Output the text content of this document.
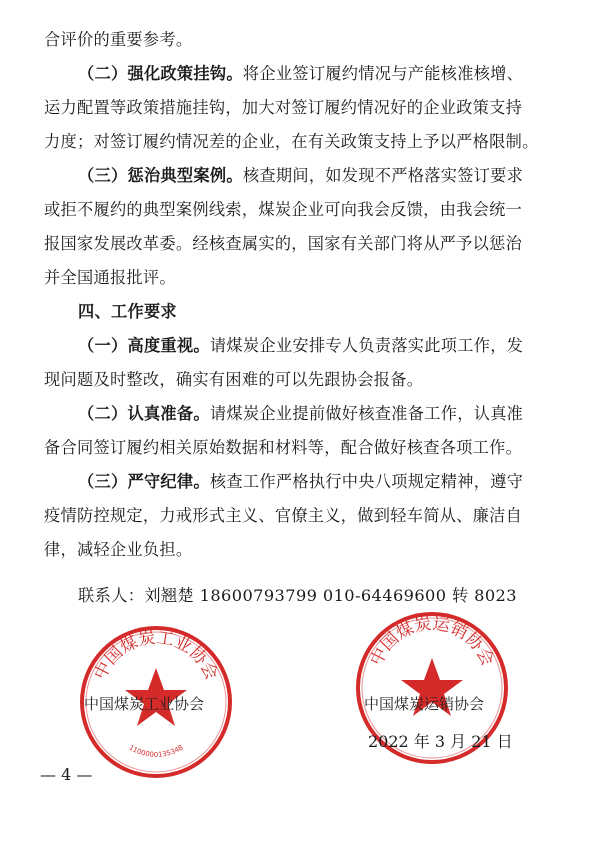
合评价的重要参考。
（二）强化政策挂钩。将企业签订履约情况与产能核准核增、
运力配置等政策措施挂钩，加大对签订履约情况好的企业政策支持
力度；对签订履约情况差的企业，在有关政策支持上予以严格限制。
（三）惩治典型案例。核查期间，如发现不严格落实签订要求
或拒不履约的典型案例线索，煤炭企业可向我会反馈，由我会统一
报国家发展改革委。经核查属实的，国家有关部门将从严予以惩治
并全国通报批评。
四、工作要求
（一）高度重视。请煤炭企业安排专人负责落实此项工作，发
现问题及时整改，确实有困难的可以先跟协会报备。
（二）认真准备。请煤炭企业提前做好核查准备工作，认真准
备合同签订履约相关原始数据和材料等，配合做好核查各项工作。
（三）严守纪律。核查工作严格执行中央八项规定精神，遵守
疫情防控规定，力戒形式主义、官僚主义，做到轻车简从、廉洁自
律，减轻企业负担。
联系人：刘翘楚 18600793799 010-64469600 转 8023
中国煤炭工业协会
1100000135348
中国煤炭运销协会
中国煤炭工业协会	中国煤炭运销协会
2022 年 3 月 21 日
— 4 —
